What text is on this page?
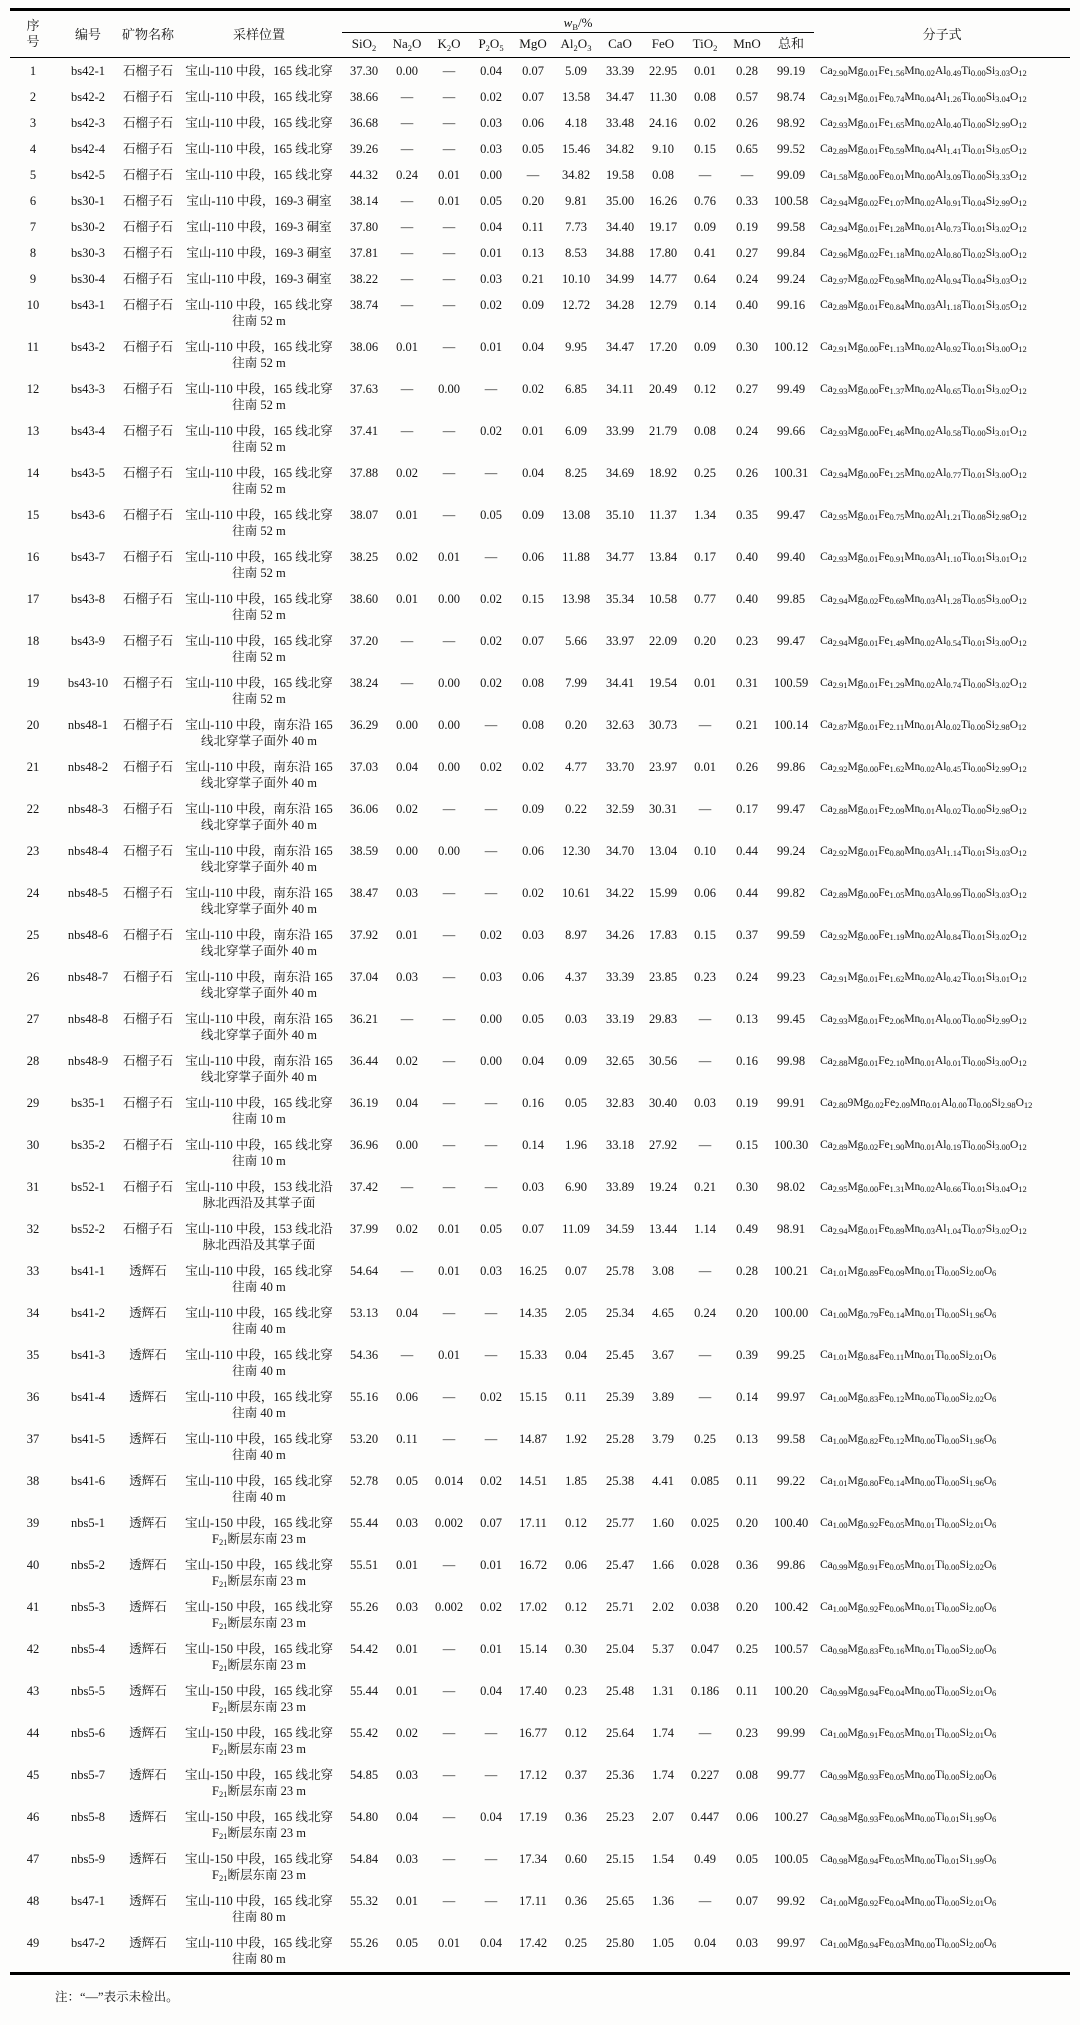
序
号	编号	矿物名称	采样位置	$w_B/\%$											分子式
				SiO$_2$	$Na_2O$	$K_2O$	$P_2O_5$	MgO	$Al_2O_3$	CaO	FeO	TiO$_2$	MnO	总和	
1	bs42-1	石榴子石	宝山-110 中段，165 线北穿	37.30	0.00	—	0.04	0.07	5.09	33.39	22.95	0.01	0.28	99.19	$Ca_{2.90}Mg_{0.01}Fe_{1.56}Mn_{0.02}Al_{0.49}Ti_{0.00}Si_{3.03}O_{12}$
2	bs42-2	石榴子石	宝山-110 中段，165 线北穿	38.66	—	—	0.02	0.07	13.58	34.47	11.30	0.08	0.57	98.74	$Ca_{2.91}Mg_{0.01}Fe_{0.74}Mn_{0.04}Al_{1.26}Ti_{0.00}Si_{3.04}O_{12}$
3	bs42-3	石榴子石	宝山-110 中段，165 线北穿	36.68	—	—	0.03	0.06	4.18	33.48	24.16	0.02	0.26	98.92	$Ca_{2.93}Mg_{0.01}Fe_{1.65}Mn_{0.02}Al_{0.40}Ti_{0.00}Si_{2.99}O_{12}$
4	bs42-4	石榴子石	宝山-110 中段，165 线北穿	39.26	—	—	0.03	0.05	15.46	34.82	9.10	0.15	0.65	99.52	$Ca_{2.89}Mg_{0.01}Fe_{0.59}Mn_{0.04}Al_{1.41}Ti_{0.01}Si_{3.05}O_{12}$
5	bs42-5	石榴子石	宝山-110 中段，165 线北穿	44.32	0.24	0.01	0.00	—	34.82	19.58	0.08	—	—	99.09	$Ca_{1.58}Mg_{0.00}Fe_{0.01}Mn_{0.00}Al_{3.09}Ti_{0.00}Si_{3.33}O_{12}$
6	bs30-1	石榴子石	宝山-110 中段，169-3 硐室	38.14	—	0.01	0.05	0.20	9.81	35.00	16.26	0.76	0.33	100.58	$Ca_{2.94}Mg_{0.02}Fe_{1.07}Mn_{0.02}Al_{0.91}Ti_{0.04}Si_{2.99}O_{12}$
7	bs30-2	石榴子石	宝山-110 中段，169-3 硐室	37.80	—	—	0.04	0.11	7.73	34.40	19.17	0.09	0.19	99.58	$Ca_{2.94}Mg_{0.01}Fe_{1.28}Mn_{0.01}Al_{0.73}Ti_{0.01}Si_{3.02}O_{12}$
8	bs30-3	石榴子石	宝山-110 中段，169-3 硐室	37.81	—	—	0.01	0.13	8.53	34.88	17.80	0.41	0.27	99.84	$Ca_{2.96}Mg_{0.02}Fe_{1.18}Mn_{0.02}Al_{0.80}Ti_{0.02}Si_{3.00}O_{12}$
9	bs30-4	石榴子石	宝山-110 中段，169-3 硐室	38.22	—	—	0.03	0.21	10.10	34.99	14.77	0.64	0.24	99.24	$Ca_{2.97}Mg_{0.02}Fe_{0.98}Mn_{0.02}Al_{0.94}Ti_{0.04}Si_{3.03}O_{12}$
10	bs43-1	石榴子石	宝山-110 中段，165 线北穿
往南 52 m	38.74	—	—	0.02	0.09	12.72	34.28	12.79	0.14	0.40	99.16	$Ca_{2.89}Mg_{0.01}Fe_{0.84}Mn_{0.03}Al_{1.18}Ti_{0.01}Si_{3.05}O_{12}$
11	bs43-2	石榴子石	宝山-110 中段，165 线北穿
往南 52 m	38.06	0.01	—	0.01	0.04	9.95	34.47	17.20	0.09	0.30	100.12	$Ca_{2.91}Mg_{0.00}Fe_{1.13}Mn_{0.02}Al_{0.92}Ti_{0.01}Si_{3.00}O_{12}$
12	bs43-3	石榴子石	宝山-110 中段，165 线北穿
往南 52 m	37.63	—	0.00	—	0.02	6.85	34.11	20.49	0.12	0.27	99.49	$Ca_{2.93}Mg_{0.00}Fe_{1.37}Mn_{0.02}Al_{0.65}Ti_{0.01}Si_{3.02}O_{12}$
13	bs43-4	石榴子石	宝山-110 中段，165 线北穿
往南 52 m	37.41	—	—	0.02	0.01	6.09	33.99	21.79	0.08	0.24	99.66	$Ca_{2.93}Mg_{0.00}Fe_{1.46}Mn_{0.02}Al_{0.58}Ti_{0.00}Si_{3.01}O_{12}$
14	bs43-5	石榴子石	宝山-110 中段，165 线北穿
往南 52 m	37.88	0.02	—	—	0.04	8.25	34.69	18.92	0.25	0.26	100.31	$Ca_{2.94}Mg_{0.00}Fe_{1.25}Mn_{0.02}Al_{0.77}Ti_{0.01}Si_{3.00}O_{12}$
15	bs43-6	石榴子石	宝山-110 中段，165 线北穿
往南 52 m	38.07	0.01	—	0.05	0.09	13.08	35.10	11.37	1.34	0.35	99.47	$Ca_{2.95}Mg_{0.01}Fe_{0.75}Mn_{0.02}Al_{1.21}Ti_{0.08}Si_{2.98}O_{12}$
16	bs43-7	石榴子石	宝山-110 中段，165 线北穿
往南 52 m	38.25	0.02	0.01	—	0.06	11.88	34.77	13.84	0.17	0.40	99.40	$Ca_{2.93}Mg_{0.01}Fe_{0.91}Mn_{0.03}Al_{1.10}Ti_{0.01}Si_{3.01}O_{12}$
17	bs43-8	石榴子石	宝山-110 中段，165 线北穿
往南 52 m	38.60	0.01	0.00	0.02	0.15	13.98	35.34	10.58	0.77	0.40	99.85	$Ca_{2.94}Mg_{0.02}Fe_{0.69}Mn_{0.03}Al_{1.28}Ti_{0.05}Si_{3.00}O_{12}$
18	bs43-9	石榴子石	宝山-110 中段，165 线北穿
往南 52 m	37.20	—	—	0.02	0.07	5.66	33.97	22.09	0.20	0.23	99.47	$Ca_{2.94}Mg_{0.01}Fe_{1.49}Mn_{0.02}Al_{0.54}Ti_{0.01}Si_{3.00}O_{12}$
19	bs43-10	石榴子石	宝山-110 中段，165 线北穿
往南 52 m	38.24	—	0.00	0.02	0.08	7.99	34.41	19.54	0.01	0.31	100.59	$Ca_{2.91}Mg_{0.01}Fe_{1.29}Mn_{0.02}Al_{0.74}Ti_{0.00}Si_{3.02}O_{12}$
20	nbs48-1	石榴子石	宝山-110 中段，南东沿 165
线北穿掌子面外 40 m	36.29	0.00	0.00	—	0.08	0.20	32.63	30.73	—	0.21	100.14	$Ca_{2.87}Mg_{0.01}Fe_{2.11}Mn_{0.01}Al_{0.02}Ti_{0.00}Si_{2.98}O_{12}$
21	nbs48-2	石榴子石	宝山-110 中段，南东沿 165
线北穿掌子面外 40 m	37.03	0.04	0.00	0.02	0.02	4.77	33.70	23.97	0.01	0.26	99.86	$Ca_{2.92}Mg_{0.00}Fe_{1.62}Mn_{0.02}Al_{0.45}Ti_{0.00}Si_{2.99}O_{12}$
22	nbs48-3	石榴子石	宝山-110 中段，南东沿 165
线北穿掌子面外 40 m	36.06	0.02	—	—	0.09	0.22	32.59	30.31	—	0.17	99.47	$Ca_{2.88}Mg_{0.01}Fe_{2.09}Mn_{0.01}Al_{0.02}Ti_{0.00}Si_{2.98}O_{12}$
23	nbs48-4	石榴子石	宝山-110 中段，南东沿 165
线北穿掌子面外 40 m	38.59	0.00	0.00	—	0.06	12.30	34.70	13.04	0.10	0.44	99.24	$Ca_{2.92}Mg_{0.01}Fe_{0.80}Mn_{0.03}Al_{1.14}Ti_{0.01}Si_{3.03}O_{12}$
24	nbs48-5	石榴子石	宝山-110 中段，南东沿 165
线北穿掌子面外 40 m	38.47	0.03	—	—	0.02	10.61	34.22	15.99	0.06	0.44	99.82	$Ca_{2.89}Mg_{0.00}Fe_{1.05}Mn_{0.03}Al_{0.99}Ti_{0.00}Si_{3.03}O_{12}$
25	nbs48-6	石榴子石	宝山-110 中段，南东沿 165
线北穿掌子面外 40 m	37.92	0.01	—	0.02	0.03	8.97	34.26	17.83	0.15	0.37	99.59	$Ca_{2.92}Mg_{0.00}Fe_{1.19}Mn_{0.02}Al_{0.84}Ti_{0.01}Si_{3.02}O_{12}$
26	nbs48-7	石榴子石	宝山-110 中段，南东沿 165
线北穿掌子面外 40 m	37.04	0.03	—	0.03	0.06	4.37	33.39	23.85	0.23	0.24	99.23	$Ca_{2.91}Mg_{0.01}Fe_{1.62}Mn_{0.02}Al_{0.42}Ti_{0.01}Si_{3.01}O_{12}$
27	nbs48-8	石榴子石	宝山-110 中段，南东沿 165
线北穿掌子面外 40 m	36.21	—	—	0.00	0.05	0.03	33.19	29.83	—	0.13	99.45	$Ca_{2.93}Mg_{0.01}Fe_{2.06}Mn_{0.01}Al_{0.00}Ti_{0.00}Si_{2.99}O_{12}$
28	nbs48-9	石榴子石	宝山-110 中段，南东沿 165
线北穿掌子面外 40 m	36.44	0.02	—	0.00	0.04	0.09	32.65	30.56	—	0.16	99.98	$Ca_{2.88}Mg_{0.01}Fe_{2.10}Mn_{0.01}Al_{0.01}Ti_{0.00}Si_{3.00}O_{12}$
29	bs35-1	石榴子石	宝山-110 中段，165 线北穿
往南 10 m	36.19	0.04	—	—	0.16	0.05	32.83	30.40	0.03	0.19	99.91	$Ca_{2.80}9Mg_{0.02}Fe_{2.09}Mn_{0.01}Al_{0.00}Ti_{0.00}Si_{2.98}O_{12}$
30	bs35-2	石榴子石	宝山-110 中段，165 线北穿
往南 10 m	36.96	0.00	—	—	0.14	1.96	33.18	27.92	—	0.15	100.30	$Ca_{2.89}Mg_{0.02}Fe_{1.90}Mn_{0.01}Al_{0.19}Ti_{0.00}Si_{3.00}O_{12}$
31	bs52-1	石榴子石	宝山-110 中段，153 线北沿
脉北西沿及其掌子面	37.42	—	—	—	0.03	6.90	33.89	19.24	0.21	0.30	98.02	$Ca_{2.95}Mg_{0.00}Fe_{1.31}Mn_{0.02}Al_{0.66}Ti_{0.01}Si_{3.04}O_{12}$
32	bs52-2	石榴子石	宝山-110 中段，153 线北沿
脉北西沿及其掌子面	37.99	0.02	0.01	0.05	0.07	11.09	34.59	13.44	1.14	0.49	98.91	$Ca_{2.94}Mg_{0.01}Fe_{0.89}Mn_{0.03}Al_{1.04}Ti_{0.07}Si_{3.02}O_{12}$
33	bs41-1	透辉石	宝山-110 中段，165 线北穿
往南 40 m	54.64	—	0.01	0.03	16.25	0.07	25.78	3.08	—	0.28	100.21	$Ca_{1.01}Mg_{0.89}Fe_{0.09}Mn_{0.01}Ti_{0.00}Si_{2.00}O_6$
34	bs41-2	透辉石	宝山-110 中段，165 线北穿
往南 40 m	53.13	0.04	—	—	14.35	2.05	25.34	4.65	0.24	0.20	100.00	$Ca_{1.00}Mg_{0.79}Fe_{0.14}Mn_{0.01}Ti_{0.00}Si_{1.96}O_6$
35	bs41-3	透辉石	宝山-110 中段，165 线北穿
往南 40 m	54.36	—	0.01	—	15.33	0.04	25.45	3.67	—	0.39	99.25	$Ca_{1.01}Mg_{0.84}Fe_{0.11}Mn_{0.01}Ti_{0.00}Si_{2.01}O_6$
36	bs41-4	透辉石	宝山-110 中段，165 线北穿
往南 40 m	55.16	0.06	—	0.02	15.15	0.11	25.39	3.89	—	0.14	99.97	$Ca_{1.00}Mg_{0.83}Fe_{0.12}Mn_{0.00}Ti_{0.00}Si_{2.02}O_6$
37	bs41-5	透辉石	宝山-110 中段，165 线北穿
往南 40 m	53.20	0.11	—	—	14.87	1.92	25.28	3.79	0.25	0.13	99.58	$Ca_{1.00}Mg_{0.82}Fe_{0.12}Mn_{0.00}Ti_{0.00}Si_{1.96}O_6$
38	bs41-6	透辉石	宝山-110 中段，165 线北穿
往南 40 m	52.78	0.05	0.014	0.02	14.51	1.85	25.38	4.41	0.085	0.11	99.22	$Ca_{1.01}Mg_{0.80}Fe_{0.14}Mn_{0.00}Ti_{0.00}Si_{1.96}O_6$
39	nbs5-1	透辉石	宝山-150 中段，165 线北穿
$F_{21}$断层东南 23 m	55.44	0.03	0.002	0.07	17.11	0.12	25.77	1.60	0.025	0.20	100.40	$Ca_{1.00}Mg_{0.92}Fe_{0.05}Mn_{0.01}Ti_{0.00}Si_{2.01}O_6$
40	nbs5-2	透辉石	宝山-150 中段，165 线北穿
$F_{21}$断层东南 23 m	55.51	0.01	—	0.01	16.72	0.06	25.47	1.66	0.028	0.36	99.86	$Ca_{0.99}Mg_{0.91}Fe_{0.05}Mn_{0.01}Ti_{0.00}Si_{2.02}O_6$
41	nbs5-3	透辉石	宝山-150 中段，165 线北穿
$F_{21}$断层东南 23 m	55.26	0.03	0.002	0.02	17.02	0.12	25.71	2.02	0.038	0.20	100.42	$Ca_{1.00}Mg_{0.92}Fe_{0.06}Mn_{0.01}Ti_{0.00}Si_{2.00}O_6$
42	nbs5-4	透辉石	宝山-150 中段，165 线北穿
$F_{21}$断层东南 23 m	54.42	0.01	—	0.01	15.14	0.30	25.04	5.37	0.047	0.25	100.57	$Ca_{0.98}Mg_{0.83}Fe_{0.16}Mn_{0.01}Ti_{0.00}Si_{2.00}O_6$
43	nbs5-5	透辉石	宝山-150 中段，165 线北穿
$F_{21}$断层东南 23 m	55.44	0.01	—	0.04	17.40	0.23	25.48	1.31	0.186	0.11	100.20	$Ca_{0.99}Mg_{0.94}Fe_{0.04}Mn_{0.00}Ti_{0.00}Si_{2.01}O_6$
44	nbs5-6	透辉石	宝山-150 中段，165 线北穿
$F_{21}$断层东南 23 m	55.42	0.02	—	—	16.77	0.12	25.64	1.74	—	0.23	99.99	$Ca_{1.00}Mg_{0.91}Fe_{0.05}Mn_{0.01}Ti_{0.00}Si_{2.01}O_6$
45	nbs5-7	透辉石	宝山-150 中段，165 线北穿
$F_{21}$断层东南 23 m	54.85	0.03	—	—	17.12	0.37	25.36	1.74	0.227	0.08	99.77	$Ca_{0.99}Mg_{0.93}Fe_{0.05}Mn_{0.00}Ti_{0.00}Si_{2.00}O_6$
46	nbs5-8	透辉石	宝山-150 中段，165 线北穿
$F_{21}$断层东南 23 m	54.80	0.04	—	0.04	17.19	0.36	25.23	2.07	0.447	0.06	100.27	$Ca_{0.98}Mg_{0.93}Fe_{0.06}Mn_{0.00}Ti_{0.01}Si_{1.99}O_6$
47	nbs5-9	透辉石	宝山-150 中段，165 线北穿
$F_{21}$断层东南 23 m	54.84	0.03	—	—	17.34	0.60	25.15	1.54	0.49	0.05	100.05	$Ca_{0.98}Mg_{0.94}Fe_{0.05}Mn_{0.00}Ti_{0.01}Si_{1.99}O_6$
48	bs47-1	透辉石	宝山-110 中段，165 线北穿
往南 80 m	55.32	0.01	—	—	17.11	0.36	25.65	1.36	—	0.07	99.92	$Ca_{1.00}Mg_{0.92}Fe_{0.04}Mn_{0.00}Ti_{0.00}Si_{2.01}O_6$
49	bs47-2	透辉石	宝山-110 中段，165 线北穿
往南 80 m	55.26	0.05	0.01	0.04	17.42	0.25	25.80	1.05	0.04	0.03	99.97	$Ca_{1.00}Mg_{0.94}Fe_{0.03}Mn_{0.00}Ti_{0.00}Si_{2.00}O_6$
注：“—”表示未检出。
